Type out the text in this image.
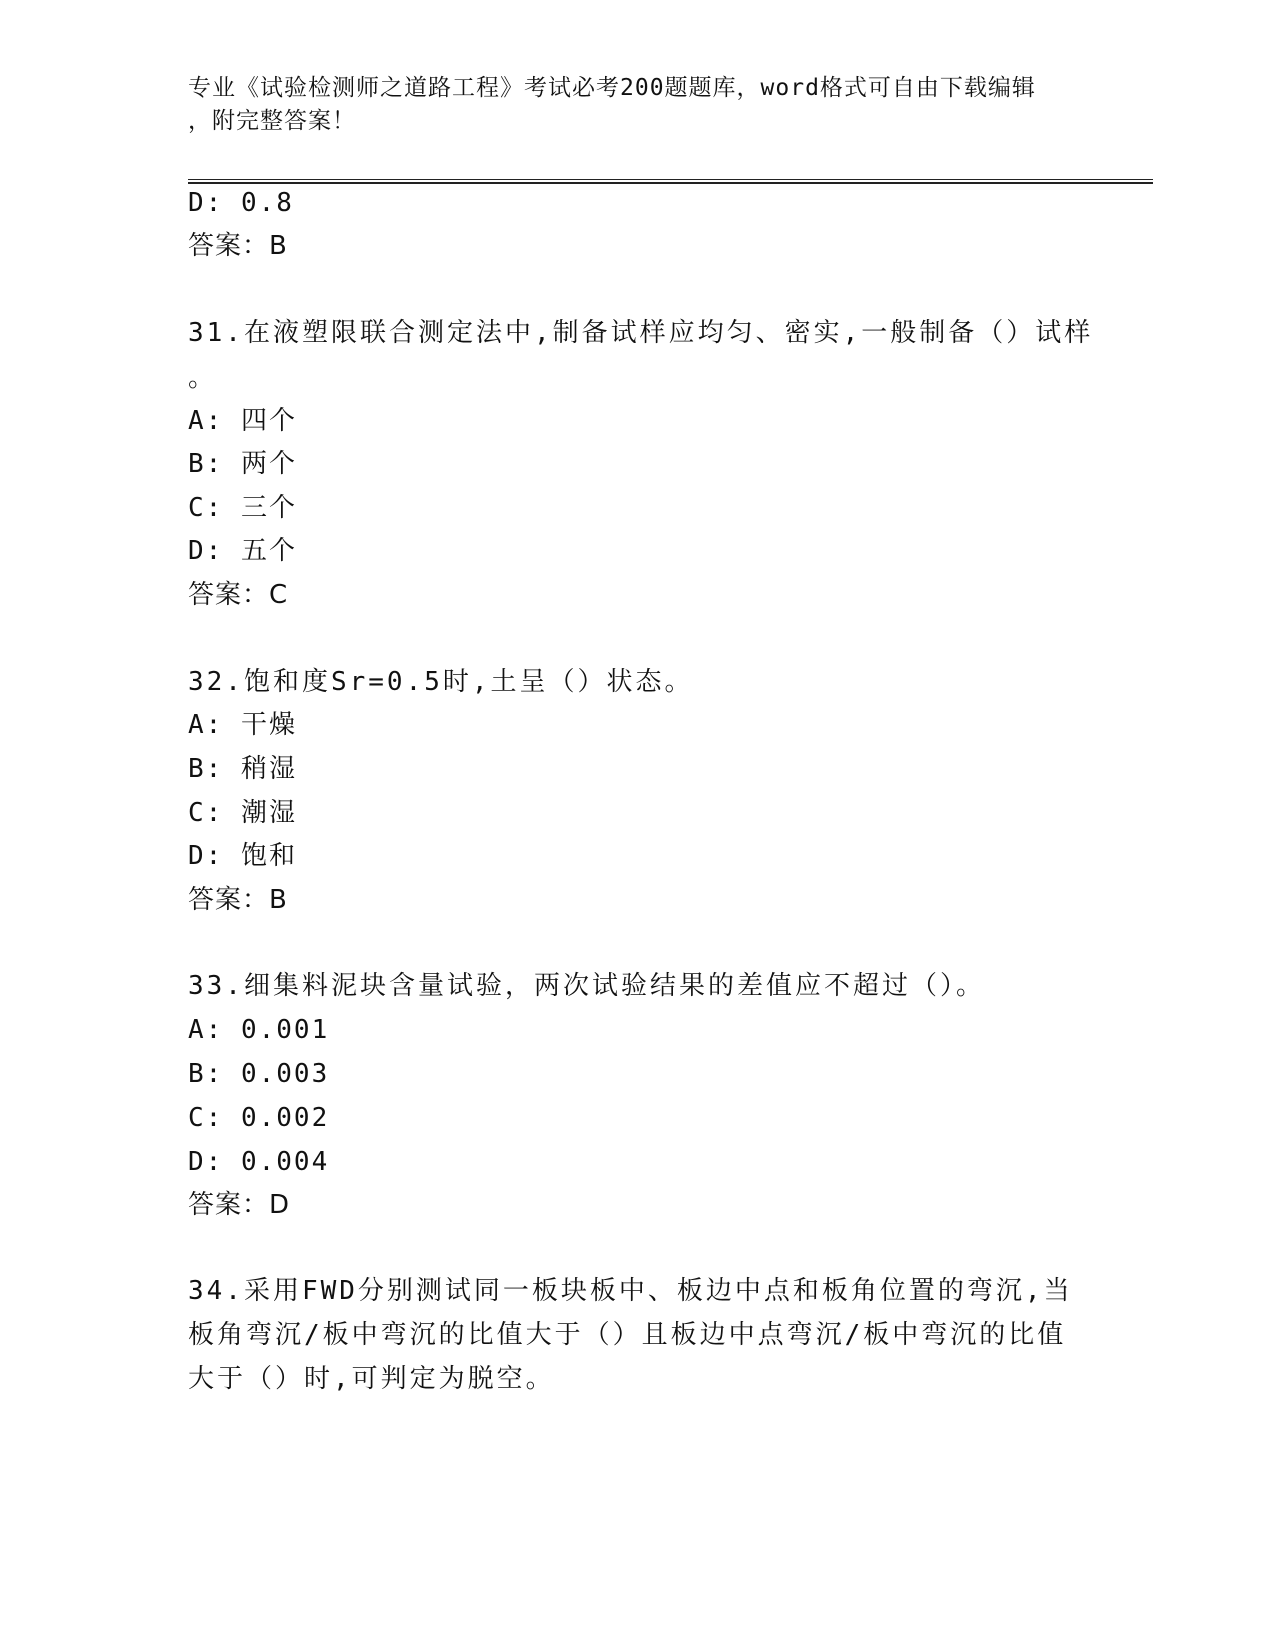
专业《试验检测师之道路工程》考试必考200题题库，word格式可自由下载编辑
，附完整答案！
D: 0.8
答案：B
31.在液塑限联合测定法中,制备试样应均匀、密实,一般制备（）试样
。
A: 四个
B: 两个
C: 三个
D: 五个
答案：C
32.饱和度Sr=0.5时,土呈（）状态。
A: 干燥
B: 稍湿
C: 潮湿
D: 饱和
答案：B
33.细集料泥块含量试验，两次试验结果的差值应不超过（）。
A: 0.001
B: 0.003
C: 0.002
D: 0.004
答案：D
34.采用FWD分别测试同一板块板中、板边中点和板角位置的弯沉,当
板角弯沉/板中弯沉的比值大于（）且板边中点弯沉/板中弯沉的比值
大于（）时,可判定为脱空。
